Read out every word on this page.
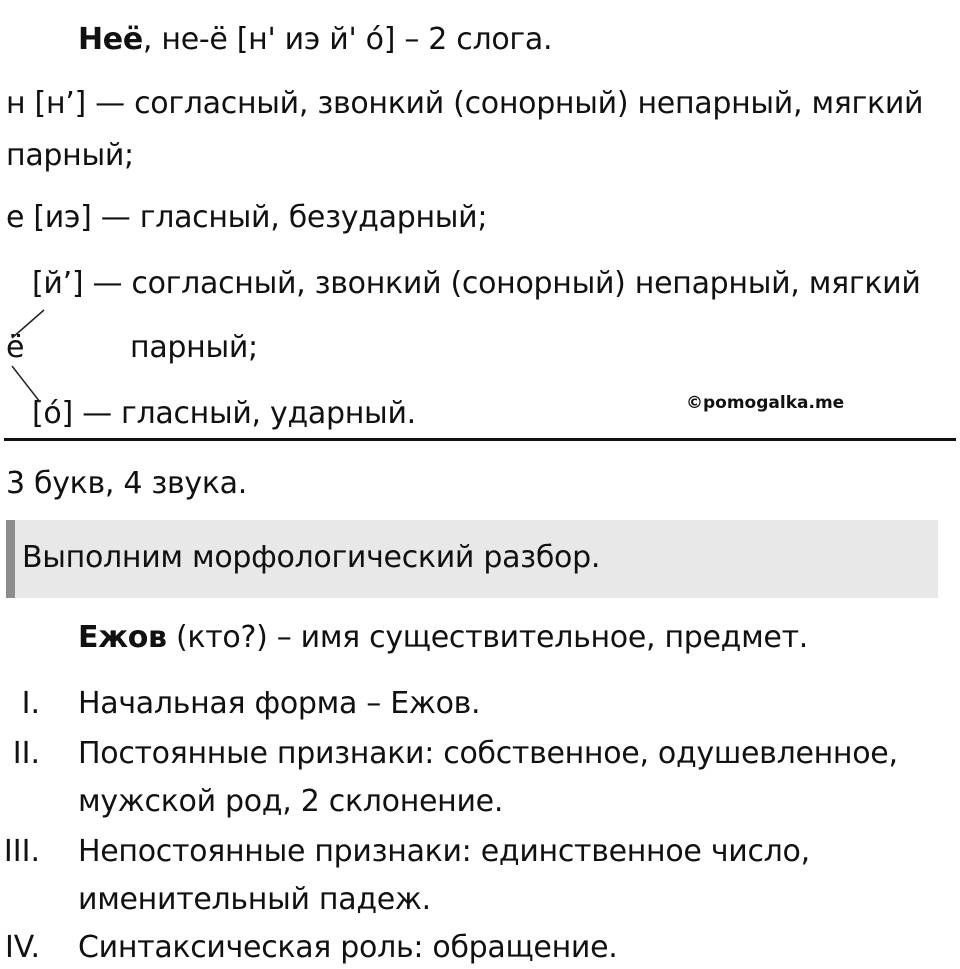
Неё, не-ё [н' иэ й' о́] – 2 слога.
н [н’] — согласный, звонкий (сонорный) непарный, мягкий
парный;
е [иэ] — гласный, безударный;
[й’] — согласный, звонкий (сонорный) непарный, мягкий
ё	парный;
[о́] — гласный, ударный.	©pomogalka.me
3 букв, 4 звука.
Выполним морфологический разбор.
Ежов (кто?) – имя существительное, предмет.
I. Начальная форма – Ежов.
II. Постоянные признаки: собственное, одушевленное,
мужской род, 2 склонение.
III. Непостоянные признаки: единственное число,
именительный падеж.
IV. Синтаксическая роль: обращение.
